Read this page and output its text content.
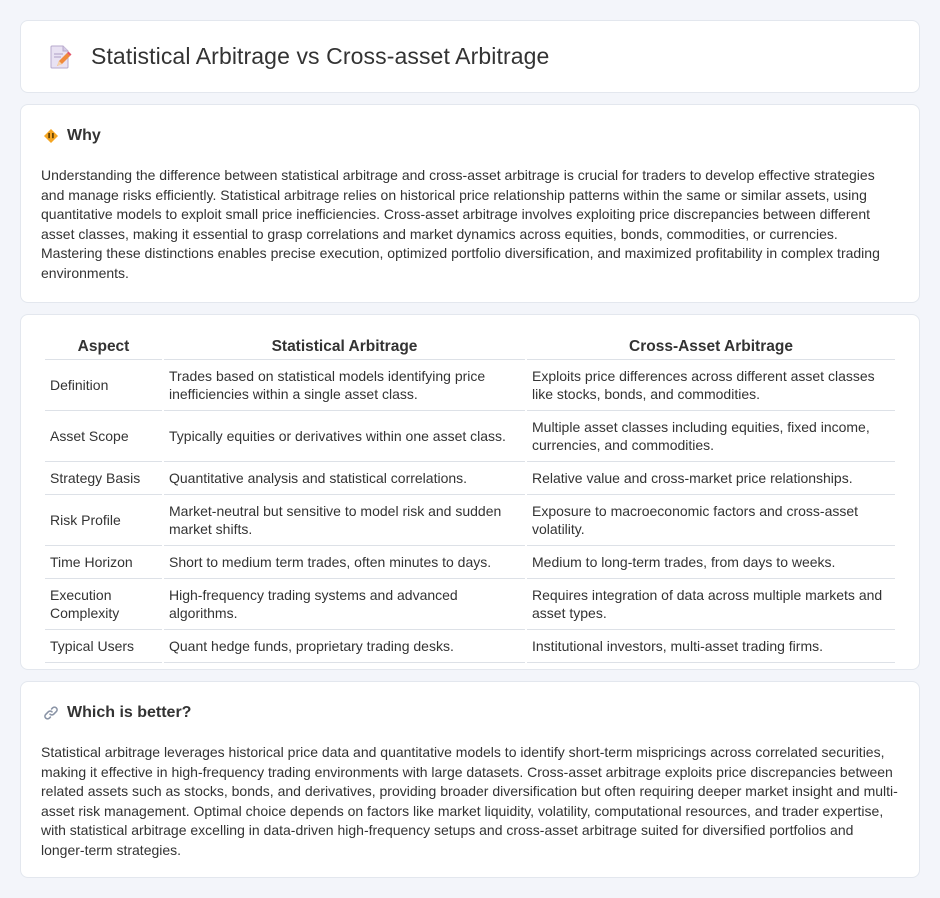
Statistical Arbitrage vs Cross-asset Arbitrage
Why

Understanding the difference between statistical arbitrage and cross-asset arbitrage is crucial for traders to develop effective strategies and manage risks efficiently. Statistical arbitrage relies on historical price relationship patterns within the same or similar assets, using quantitative models to exploit small price inefficiencies. Cross-asset arbitrage involves exploiting price discrepancies between different asset classes, making it essential to grasp correlations and market dynamics across equities, bonds, commodities, or currencies. Mastering these distinctions enables precise execution, optimized portfolio diversification, and maximized profitability in complex trading environments.

Aspect	Statistical Arbitrage	Cross-Asset Arbitrage
Definition	Trades based on statistical models identifying price inefficiencies within a single asset class.	Exploits price differences across different asset classes like stocks, bonds, and commodities.
Asset Scope	Typically equities or derivatives within one asset class.	Multiple asset classes including equities, fixed income, currencies, and commodities.
Strategy Basis	Quantitative analysis and statistical correlations.	Relative value and cross-market price relationships.
Risk Profile	Market-neutral but sensitive to model risk and sudden market shifts.	Exposure to macroeconomic factors and cross-asset volatility.
Time Horizon	Short to medium term trades, often minutes to days.	Medium to long-term trades, from days to weeks.
Execution Complexity	High-frequency trading systems and advanced algorithms.	Requires integration of data across multiple markets and asset types.
Typical Users	Quant hedge funds, proprietary trading desks.	Institutional investors, multi-asset trading firms.
Which is better?

Statistical arbitrage leverages historical price data and quantitative models to identify short-term mispricings across correlated securities, making it effective in high-frequency trading environments with large datasets. Cross-asset arbitrage exploits price discrepancies between related assets such as stocks, bonds, and derivatives, providing broader diversification but often requiring deeper market insight and multi-asset risk management. Optimal choice depends on factors like market liquidity, volatility, computational resources, and trader expertise, with statistical arbitrage excelling in data-driven high-frequency setups and cross-asset arbitrage suited for diversified portfolios and longer-term strategies.
